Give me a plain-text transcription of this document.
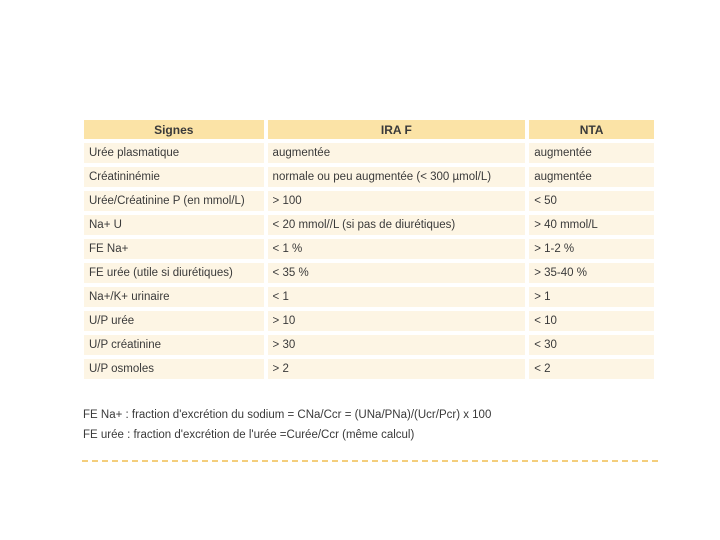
Signes	IRA F	NTA
Urée plasmatique	augmentée	augmentée
Créatininémie	normale ou peu augmentée (< 300 µmol/L)	augmentée
Urée/Créatinine P (en mmol/L)	> 100	< 50
Na+ U	< 20 mmol//L (si pas de diurétiques)	> 40 mmol/L
FE Na+	< 1 %	> 1-2 %
FE urée (utile si diurétiques)	< 35 %	> 35-40 %
Na+/K+ urinaire	< 1	> 1
U/P urée	> 10	< 10
U/P créatinine	> 30	< 30
U/P osmoles	> 2	< 2
FE Na+ : fraction d'excrétion du sodium = CNa/Ccr = (UNa/PNa)/(Ucr/Pcr) x 100
FE urée : fraction d'excrétion de l'urée =Curée/Ccr (même calcul)
